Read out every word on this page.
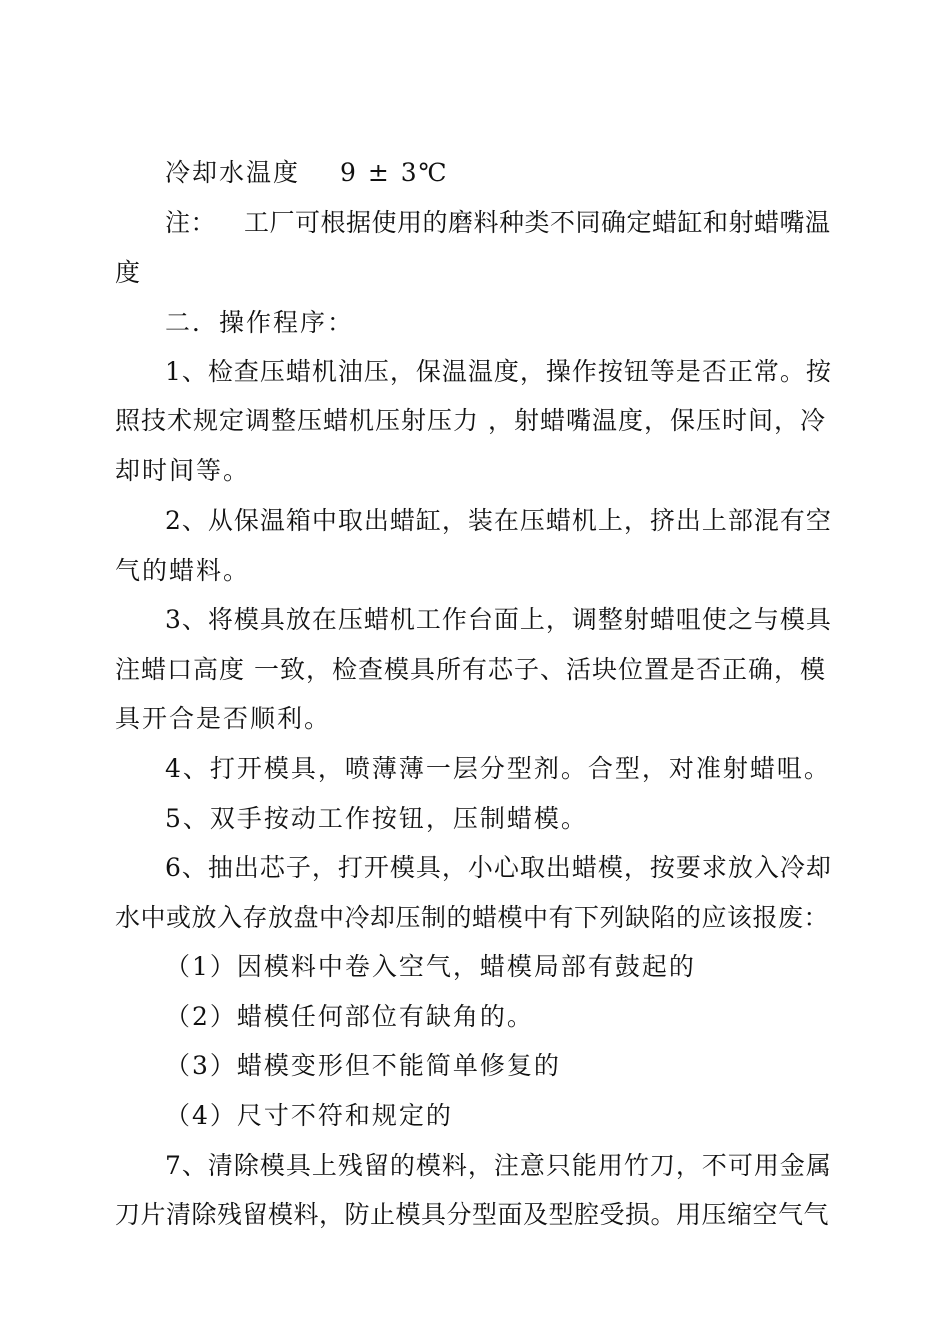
冷却水温度 9 ± 3℃
注： 工厂可根据使用的磨料种类不同确定蜡缸和射蜡嘴温
度
二．操作程序：
1、检查压蜡机油压，保温温度，操作按钮等是否正常。按
照技术规定调整压蜡机压射压力 ，射蜡嘴温度，保压时间，冷
却时间等。
2、从保温箱中取出蜡缸，装在压蜡机上，挤出上部混有空
气的蜡料。
3、将模具放在压蜡机工作台面上，调整射蜡咀使之与模具
注蜡口高度 一致，检查模具所有芯子、活块位置是否正确，模
具开合是否顺利。
4、打开模具，喷薄薄一层分型剂。合型，对准射蜡咀。
5、双手按动工作按钮，压制蜡模。
6、抽出芯子，打开模具，小心取出蜡模，按要求放入冷却
水中或放入存放盘中冷却压制的蜡模中有下列缺陷的应该报废：
（1）因模料中卷入空气，蜡模局部有鼓起的
（2）蜡模任何部位有缺角的。
（3）蜡模变形但不能简单修复的
（4）尺寸不符和规定的
7、清除模具上残留的模料，注意只能用竹刀，不可用金属
刀片清除残留模料，防止模具分型面及型腔受损。用压缩空气气
